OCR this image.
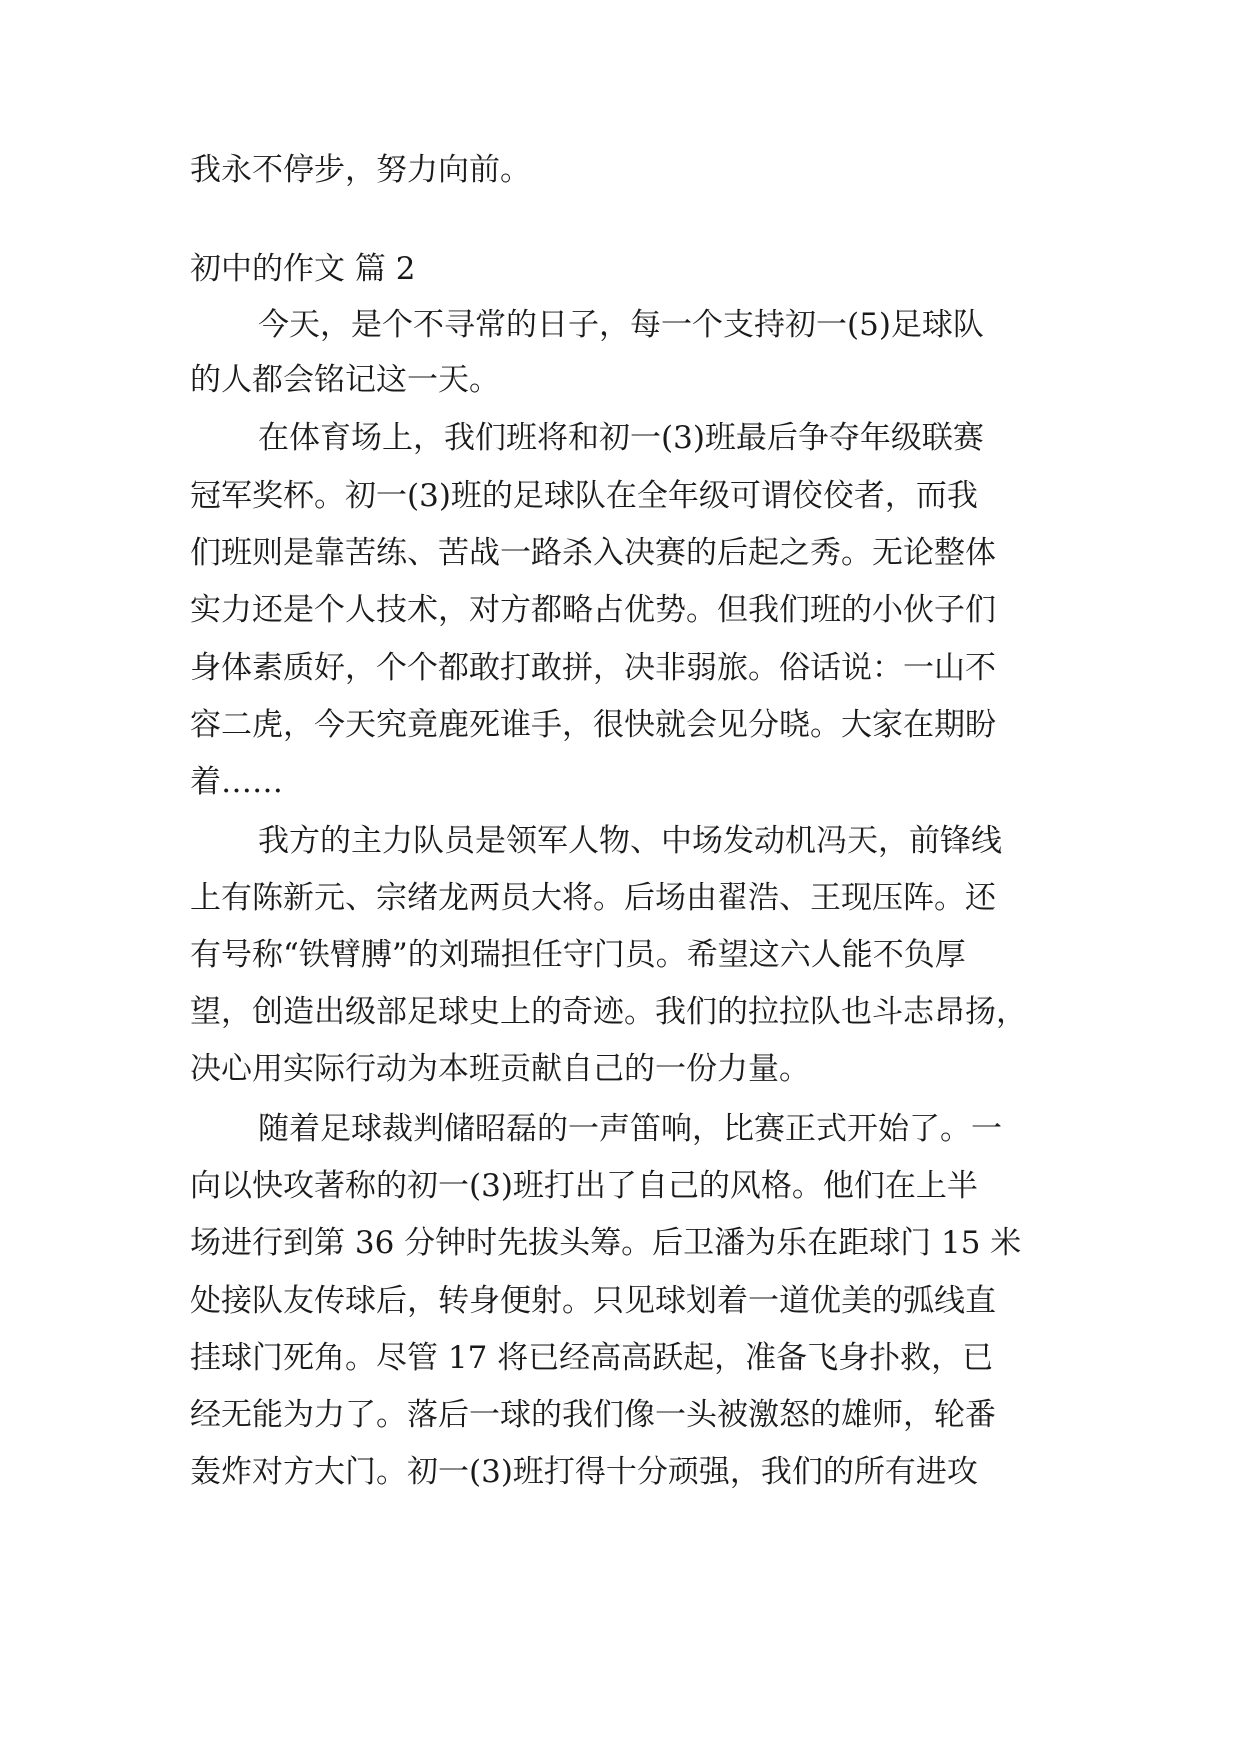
我永不停步，努力向前。

初中的作文 篇 2

今天，是个不寻常的日子，每一个支持初一(5)足球队

的人都会铭记这一天。

在体育场上，我们班将和初一(3)班最后争夺年级联赛

冠军奖杯。初一(3)班的足球队在全年级可谓佼佼者，而我

们班则是靠苦练、苦战一路杀入决赛的后起之秀。无论整体

实力还是个人技术，对方都略占优势。但我们班的小伙子们

身体素质好，个个都敢打敢拼，决非弱旅。俗话说：一山不

容二虎，今天究竟鹿死谁手，很快就会见分晓。大家在期盼

着……

我方的主力队员是领军人物、中场发动机冯天，前锋线

上有陈新元、宗绪龙两员大将。后场由翟浩、王现压阵。还

有号称“铁臂膊”的刘瑞担任守门员。希望这六人能不负厚

望，创造出级部足球史上的奇迹。我们的拉拉队也斗志昂扬，

决心用实际行动为本班贡献自己的一份力量。

随着足球裁判储昭磊的一声笛响，比赛正式开始了。一

向以快攻著称的初一(3)班打出了自己的风格。他们在上半

场进行到第 36 分钟时先拔头筹。后卫潘为乐在距球门 15 米

处接队友传球后，转身便射。只见球划着一道优美的弧线直

挂球门死角。尽管 17 将已经高高跃起，准备飞身扑救，已

经无能为力了。落后一球的我们像一头被激怒的雄师，轮番

轰炸对方大门。初一(3)班打得十分顽强，我们的所有进攻
